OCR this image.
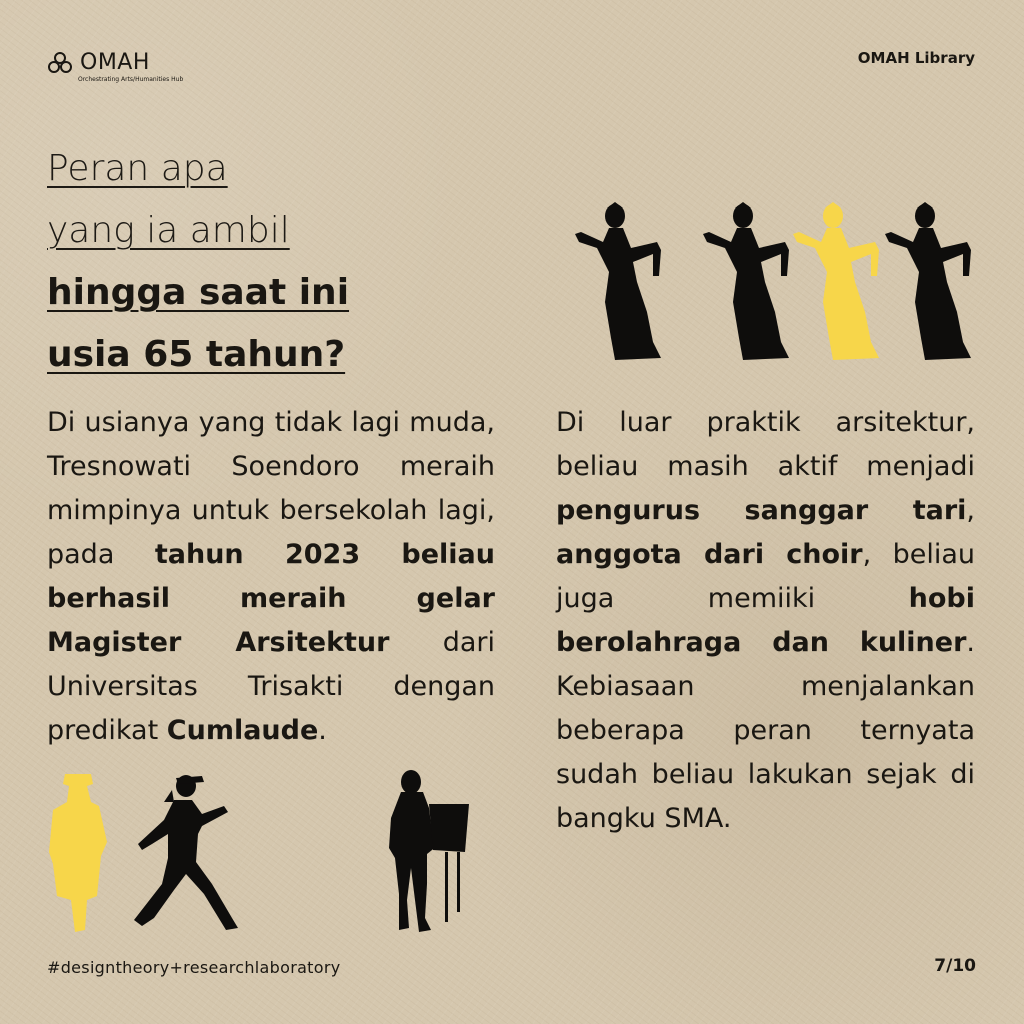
OMAH
Orchestrating Arts/Humanities Hub
OMAH Library
Peran apa
yang ia ambil
hingga saat ini
usia 65 tahun?
Di usianya yang tidak lagi muda, Tresnowati Soendoro meraih mimpinya untuk bersekolah lagi, pada tahun 2023 beliau berhasil meraih gelar Magister Arsitektur dari Universitas Trisakti dengan predikat Cumlaude.
Di luar praktik arsitektur, beliau masih aktif menjadi pengurus sanggar tari, anggota dari choir, beliau juga memiiki hobi berolahraga dan kuliner. Kebiasaan menjalankan beberapa peran ternyata sudah beliau lakukan sejak di bangku SMA.
#designtheory+researchlaboratory	7/10
